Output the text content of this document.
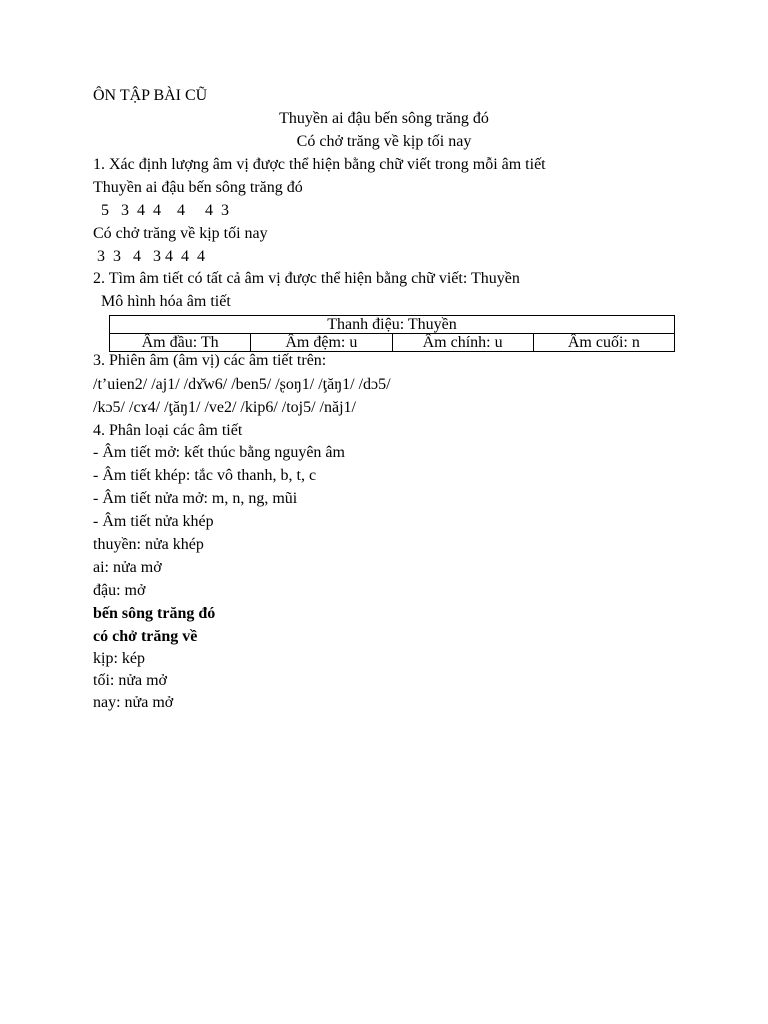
ÔN TẬP BÀI CŨ
Thuyền ai đậu bến sông trăng đó
Có chở trăng về kịp tối nay
1. Xác định lượng âm vị được thể hiện bằng chữ viết trong mỗi âm tiết
Thuyền ai đậu bến sông trăng đó
5   3  4  4    4     4  3
Có chở trăng về kịp tối nay
3  3   4   3 4  4  4
2. Tìm âm tiết có tất cả âm vị được thể hiện bằng chữ viết: Thuyền
Mô hình hóa âm tiết
Thanh điệu: Thuyền
Âm đầu: Th	Âm đệm: u	Âm chính: u	Âm cuối: n
3. Phiên âm (âm vị) các âm tiết trên:
/t’uien2/ /aj1/ /dɤ̆w6/ /ben5/ /ʂoŋ1/ /ţăŋ1/ /dɔ5/
/kɔ5/ /cɤ4/ /ţăŋ1/ /ve2/ /kip6/ /toj5/ /năj1/
4. Phân loại các âm tiết
- Âm tiết mở: kết thúc bằng nguyên âm
- Âm tiết khép: tắc vô thanh, b, t, c
- Âm tiết nửa mở: m, n, ng, mũi
- Âm tiết nửa khép
thuyền: nửa khép
ai: nửa mở
đậu: mở
bến sông trăng đó
có chở trăng về
kịp: kép
tối: nửa mở
nay: nửa mở
